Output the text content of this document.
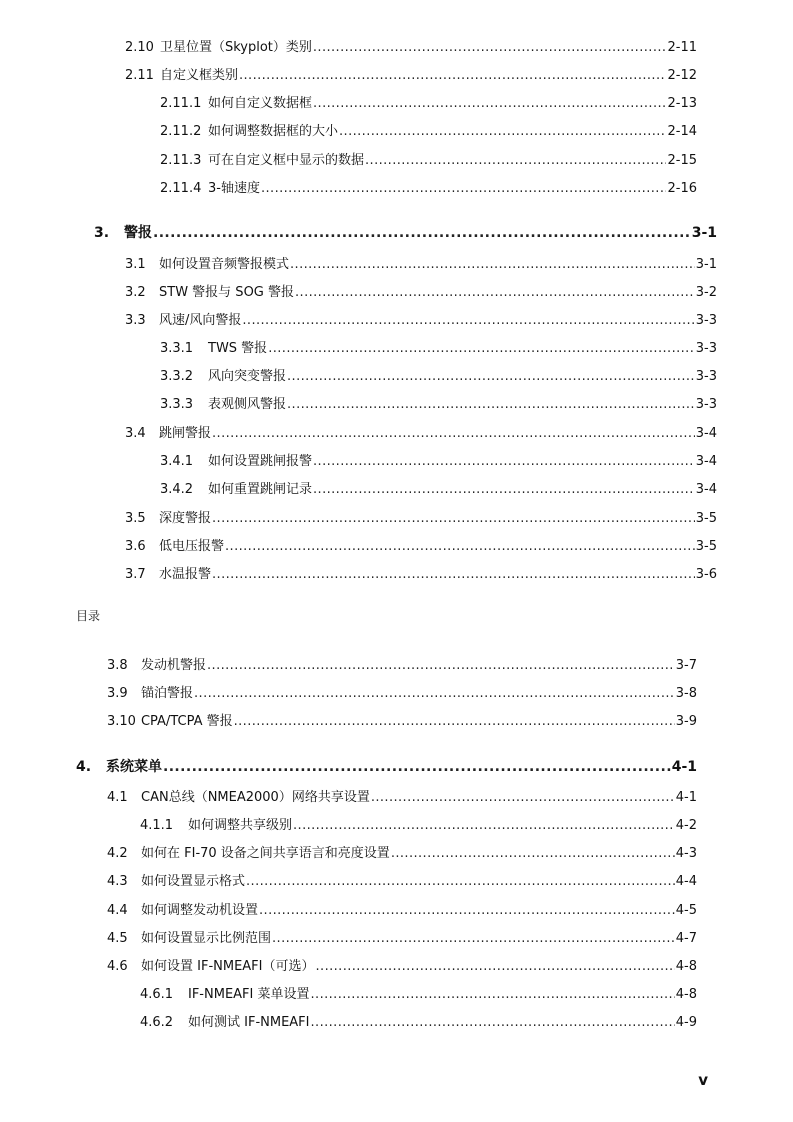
2.10 卫星位置（Skyplot）类别 .....	2-11
2.11 自定义框类别 .....	2-12
2.11.1 如何自定义数据框 .....	2-13
2.11.2 如何调整数据框的大小 .....	2-14
2.11.3 可在自定义框中显示的数据 .....	2-15
2.11.4 3-轴速度 .....	2-16
3.	警报 .....	3-1
3.1	如何设置音频警报模式 .....	3-1
3.2	STW 警报与 SOG 警报 .....	3-2
3.3	风速/风向警报 .....	3-3
3.3.1	TWS 警报 .....	3-3
3.3.2	风向突变警报 .....	3-3
3.3.3	表观侧风警报 .....	3-3
3.4	跳闸警报 .....	3-4
3.4.1	如何设置跳闸报警 .....	3-4
3.4.2	如何重置跳闸记录 .....	3-4
3.5	深度警报 .....	3-5
3.6	低电压报警 .....	3-5
3.7	水温报警 .....	3-6
目录
3.8	发动机警报 .....	3-7
3.9	锚泊警报 .....	3-8
3.10 CPA/TCPA 警报 .....	3-9
4.	系统菜单 .....	4-1
4.1	CAN总线（NMEA2000）网络共享设置 .....	4-1
4.1.1	如何调整共享级别 .....	4-2
4.2	如何在 FI-70 设备之间共享语言和亮度设置 .....	4-3
4.3	如何设置显示格式 .....	4-4
4.4	如何调整发动机设置 .....	4-5
4.5	如何设置显示比例范围 .....	4-7
4.6	如何设置 IF-NMEAFI（可选） .....	4-8
4.6.1	IF-NMEAFI 菜单设置 .....	4-8
4.6.2	如何测试 IF-NMEAFI .....	4-9
v
